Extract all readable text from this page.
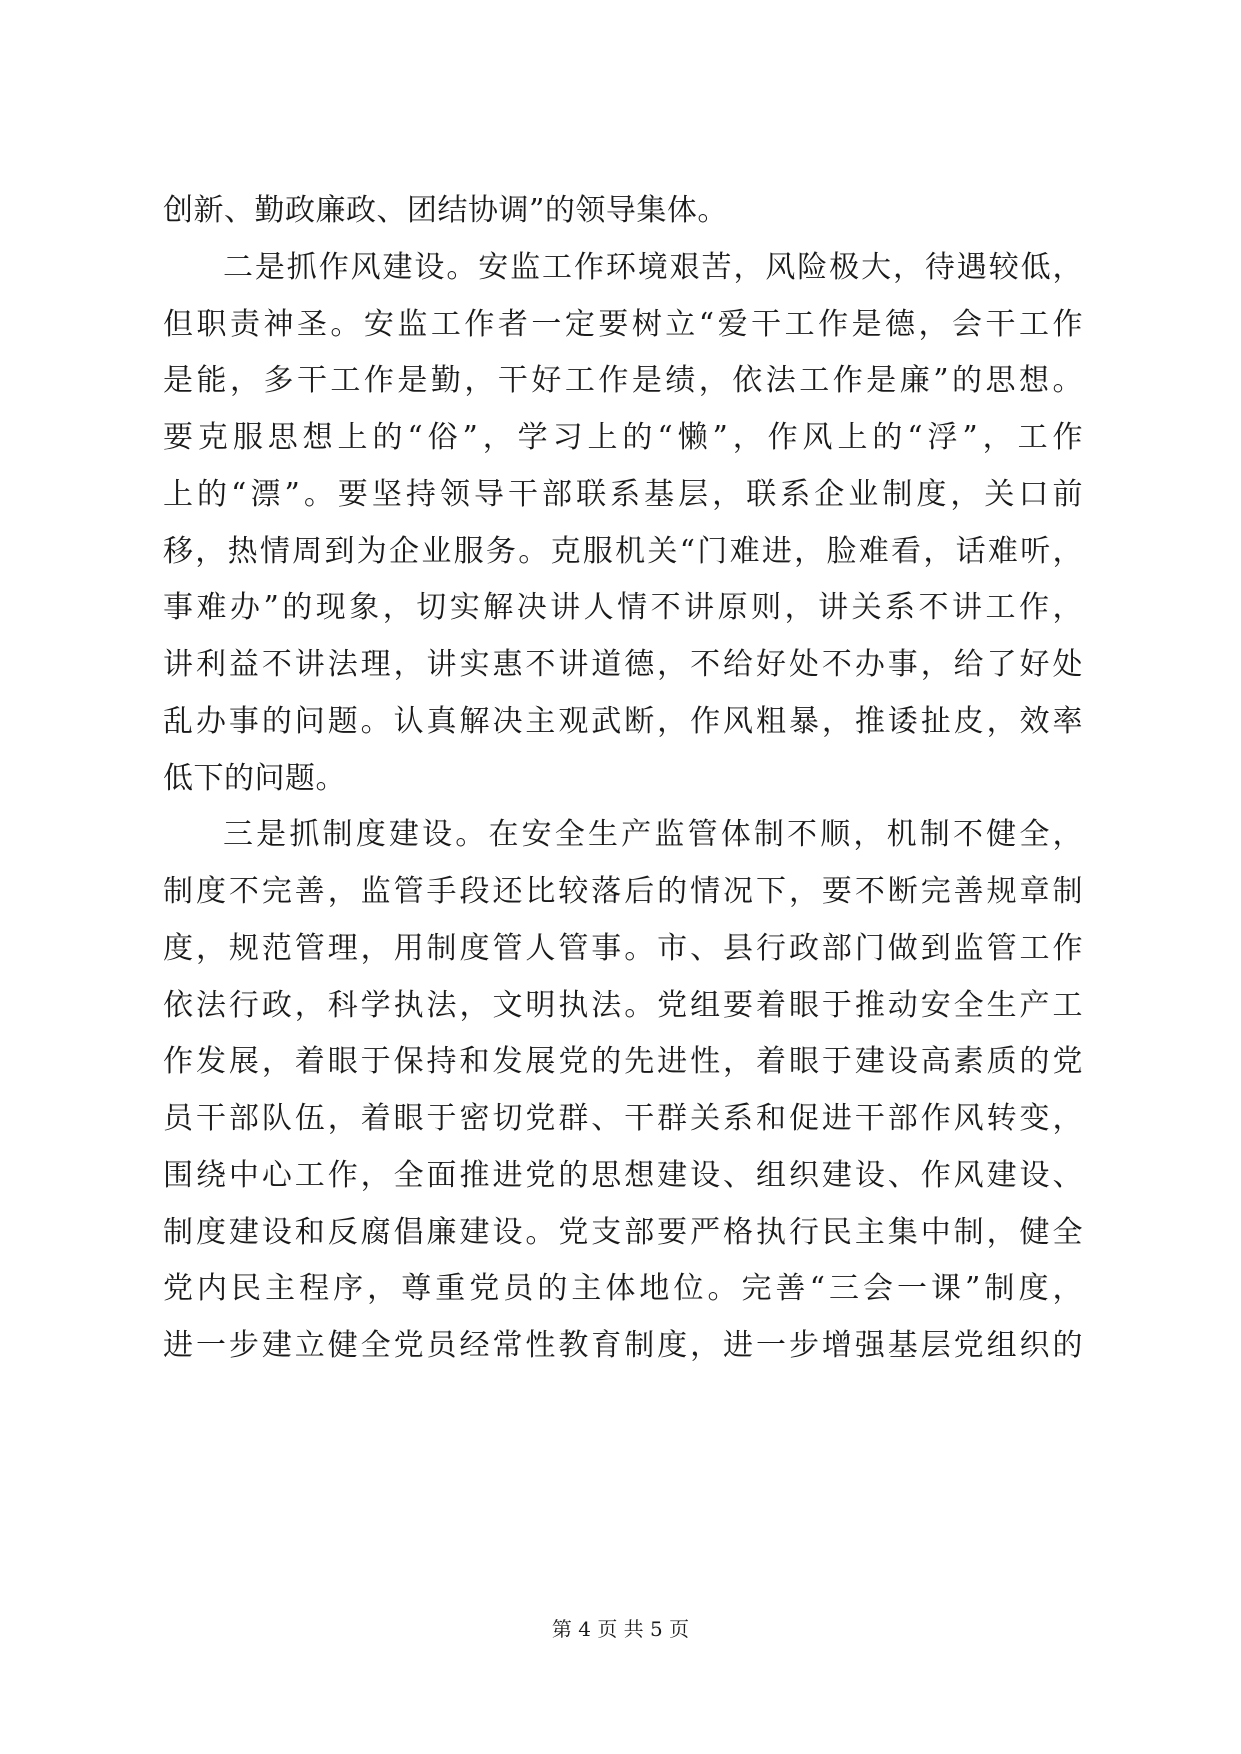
创新、勤政廉政、团结协调”的领导集体。
二是抓作风建设。安监工作环境艰苦，风险极大，待遇较低，
但职责神圣。安监工作者一定要树立“爱干工作是德，会干工作
是能，多干工作是勤，干好工作是绩，依法工作是廉”的思想。
要克服思想上的“俗”，学习上的“懒”，作风上的“浮”，工作
上的“漂”。要坚持领导干部联系基层，联系企业制度，关口前
移，热情周到为企业服务。克服机关“门难进，脸难看，话难听，
事难办”的现象，切实解决讲人情不讲原则，讲关系不讲工作，
讲利益不讲法理，讲实惠不讲道德，不给好处不办事，给了好处
乱办事的问题。认真解决主观武断，作风粗暴，推诿扯皮，效率
低下的问题。
三是抓制度建设。在安全生产监管体制不顺，机制不健全，
制度不完善，监管手段还比较落后的情况下，要不断完善规章制
度，规范管理，用制度管人管事。市、县行政部门做到监管工作
依法行政，科学执法，文明执法。党组要着眼于推动安全生产工
作发展，着眼于保持和发展党的先进性，着眼于建设高素质的党
员干部队伍，着眼于密切党群、干群关系和促进干部作风转变，
围绕中心工作，全面推进党的思想建设、组织建设、作风建设、
制度建设和反腐倡廉建设。党支部要严格执行民主集中制，健全
党内民主程序，尊重党员的主体地位。完善“三会一课”制度，
进一步建立健全党员经常性教育制度，进一步增强基层党组织的
第 4 页 共 5 页
